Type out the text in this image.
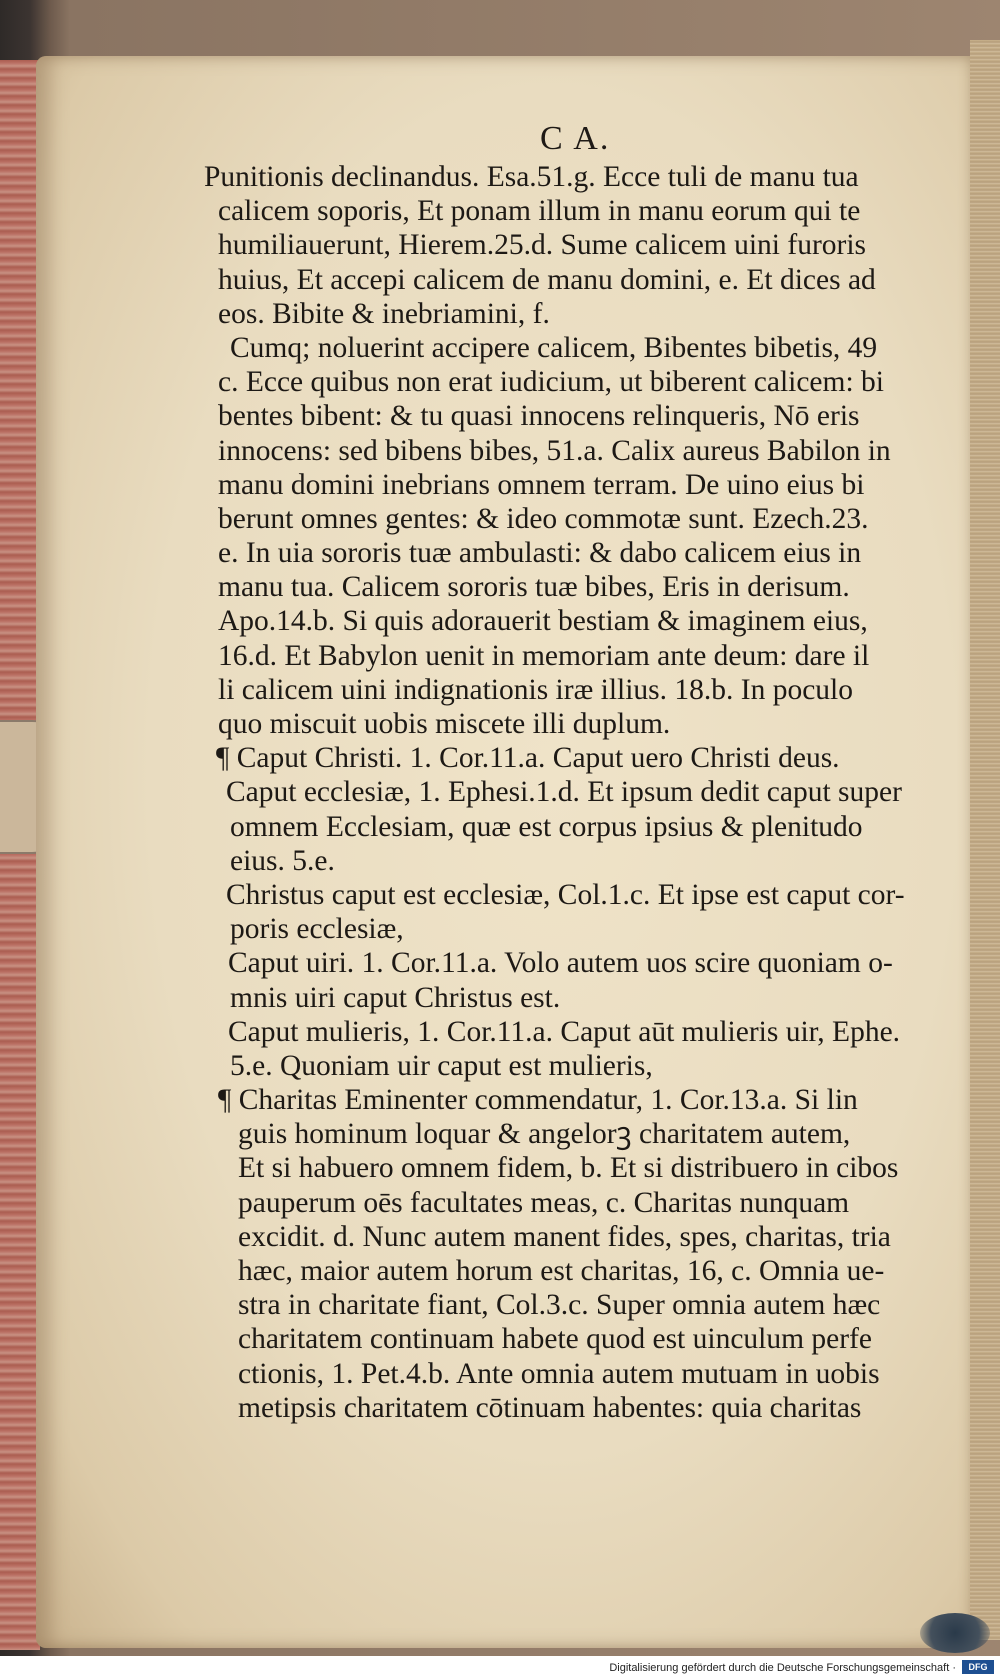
C A.
Punitionis declinandus. Esa.51.g. Ecce tuli de manu tua
calicem soporis, Et ponam illum in manu eorum qui te
humiliauerunt, Hierem.25.d. Sume calicem uini furoris
huius, Et accepi calicem de manu domini, e. Et dices ad
eos. Bibite & inebriamini, f.
Cumq; noluerint accipere calicem, Bibentes bibetis, 49
c. Ecce quibus non erat iudicium, ut biberent calicem: bi
bentes bibent: & tu quasi innocens relinqueris, Nō eris
innocens: sed bibens bibes, 51.a. Calix aureus Babilon in
manu domini inebrians omnem terram. De uino eius bi
berunt omnes gentes: & ideo commotæ sunt. Ezech.23.
e. In uia sororis tuæ ambulasti: & dabo calicem eius in
manu tua. Calicem sororis tuæ bibes, Eris in derisum.
Apo.14.b. Si quis adorauerit bestiam & imaginem eius,
16.d. Et Babylon uenit in memoriam ante deum: dare il
li calicem uini indignationis iræ illius. 18.b. In poculo
quo miscuit uobis miscete illi duplum.
¶ Caput Christi. 1. Cor.11.a. Caput uero Christi deus.
Caput ecclesiæ, 1. Ephesi.1.d. Et ipsum dedit caput super
omnem Ecclesiam, quæ est corpus ipsius & plenitudo
eius. 5.e.
Christus caput est ecclesiæ, Col.1.c. Et ipse est caput cor-
poris ecclesiæ,
Caput uiri. 1. Cor.11.a. Volo autem uos scire quoniam o-
mnis uiri caput Christus est.
Caput mulieris, 1. Cor.11.a. Caput aūt mulieris uir, Ephe.
5.e. Quoniam uir caput est mulieris,
¶ Charitas Eminenter commendatur, 1. Cor.13.a. Si lin
guis hominum loquar & angelorꝫ charitatem autem,
Et si habuero omnem fidem, b. Et si distribuero in cibos
pauperum oēs facultates meas, c. Charitas nunquam
excidit. d. Nunc autem manent fides, spes, charitas, tria
hæc, maior autem horum est charitas, 16, c. Omnia ue-
stra in charitate fiant, Col.3.c. Super omnia autem hæc
charitatem continuam habete quod est uinculum perfe
ctionis, 1. Pet.4.b. Ante omnia autem mutuam in uobis
metipsis charitatem cōtinuam habentes: quia charitas
Digitalisierung gefördert durch die Deutsche Forschungsgemeinschaft ·	DFG
